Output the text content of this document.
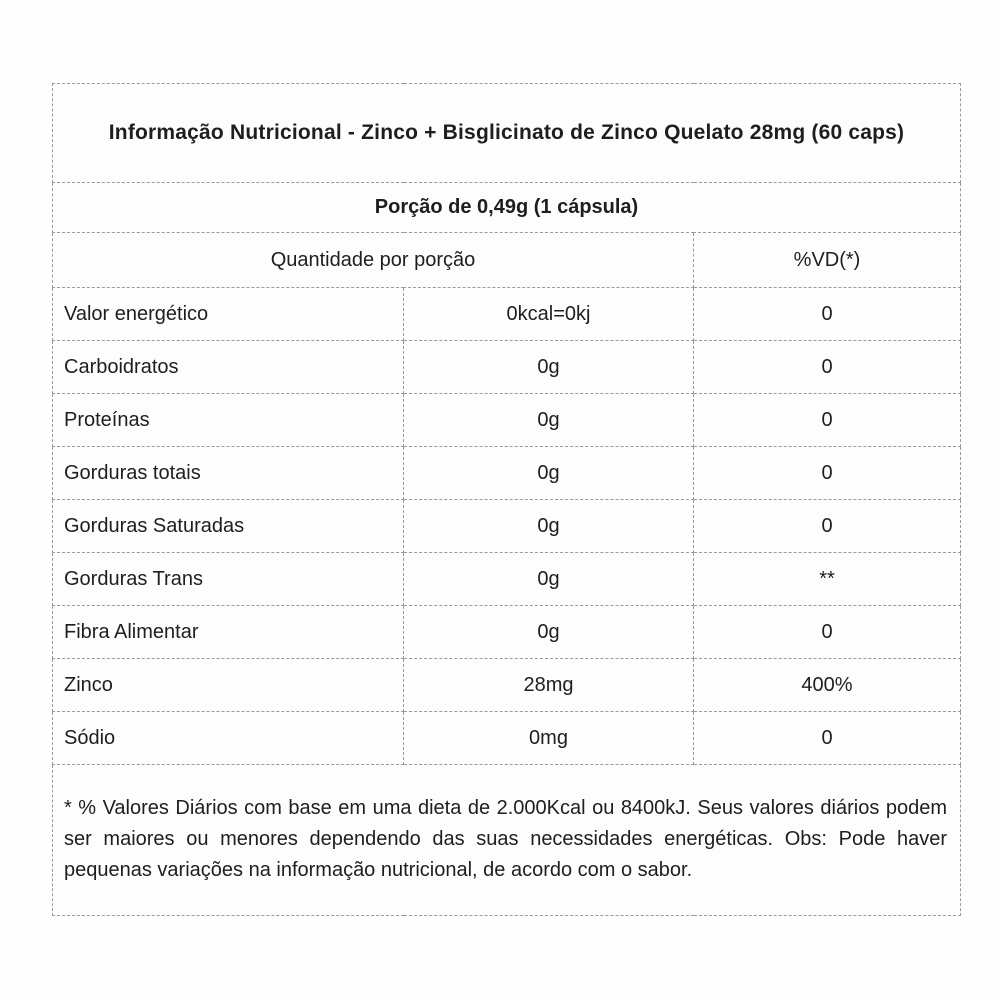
Informação Nutricional - Zinco + Bisglicinato de Zinco Quelato 28mg (60 caps)		
Porção de 0,49g (1 cápsula)		
Quantidade por porção		%VD(*)
Valor energético	0kcal=0kj	0
Carboidratos	0g	0
Proteínas	0g	0
Gorduras totais	0g	0
Gorduras Saturadas	0g	0
Gorduras Trans	0g	**
Fibra Alimentar	0g	0
Zinco	28mg	400%
Sódio	0mg	0
* % Valores Diários com base em uma dieta de 2.000Kcal ou 8400kJ. Seus valores diários podem ser maiores ou menores dependendo das suas necessidades energéticas. Obs: Pode haver pequenas variações na informação nutricional, de acordo com o sabor.		
